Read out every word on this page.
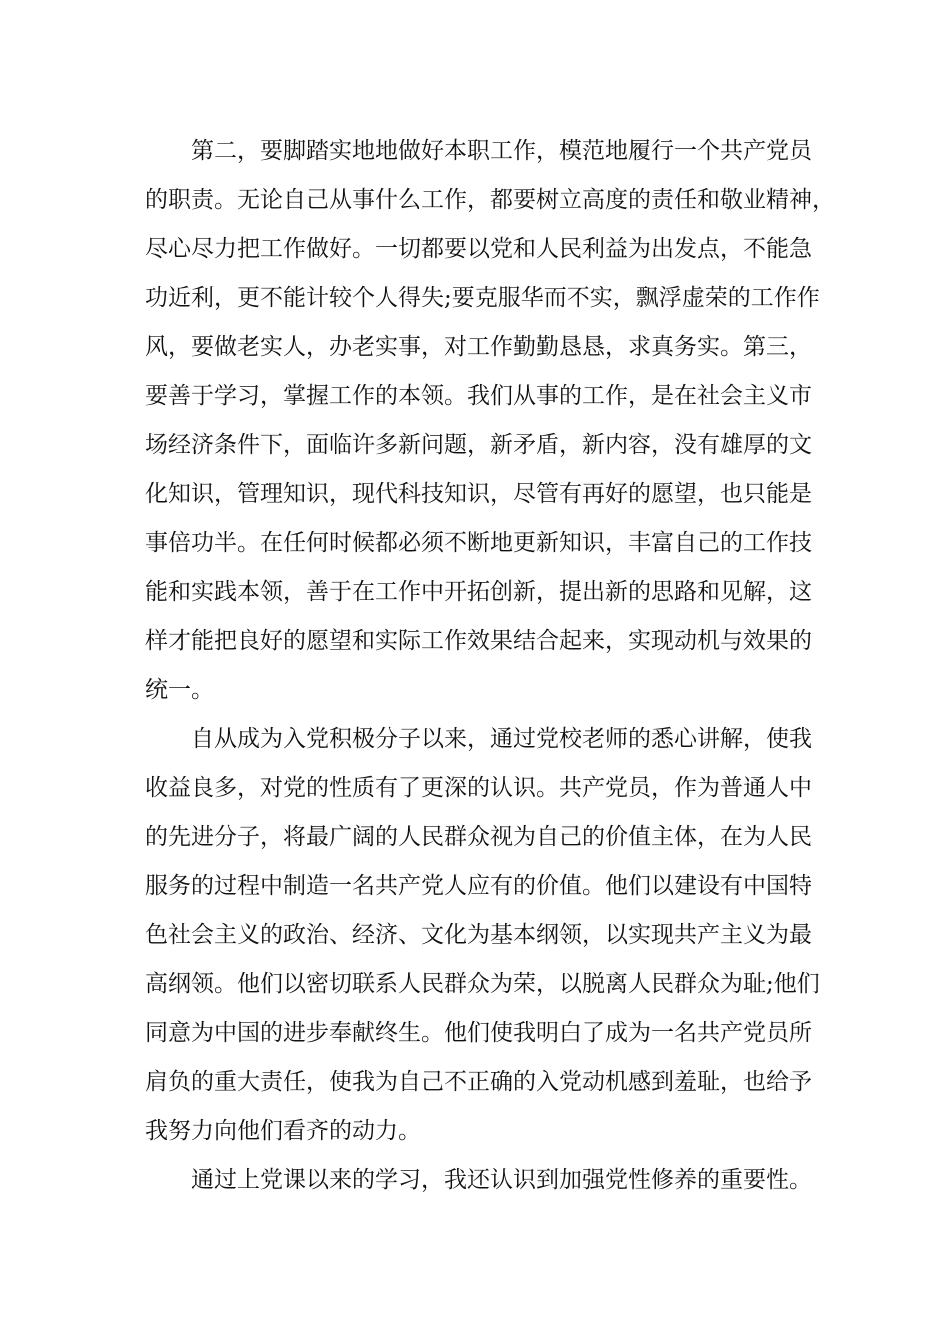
第二，要脚踏实地地做好本职工作，模范地履行一个共产党员

的职责。无论自己从事什么工作，都要树立高度的责任和敬业精神，

尽心尽力把工作做好。一切都要以党和人民利益为出发点，不能急

功近利，更不能计较个人得失;要克服华而不实，飘浮虚荣的工作作

风，要做老实人，办老实事，对工作勤勤恳恳，求真务实。第三，

要善于学习，掌握工作的本领。我们从事的工作，是在社会主义市

场经济条件下，面临许多新问题，新矛盾，新内容，没有雄厚的文

化知识，管理知识，现代科技知识，尽管有再好的愿望，也只能是

事倍功半。在任何时候都必须不断地更新知识，丰富自己的工作技

能和实践本领，善于在工作中开拓创新，提出新的思路和见解，这

样才能把良好的愿望和实际工作效果结合起来，实现动机与效果的

统一。

自从成为入党积极分子以来，通过党校老师的悉心讲解，使我

收益良多，对党的性质有了更深的认识。共产党员，作为普通人中

的先进分子，将最广阔的人民群众视为自己的价值主体，在为人民

服务的过程中制造一名共产党人应有的价值。他们以建设有中国特

色社会主义的政治、经济、文化为基本纲领，以实现共产主义为最

高纲领。他们以密切联系人民群众为荣，以脱离人民群众为耻;他们

同意为中国的进步奉献终生。他们使我明白了成为一名共产党员所

肩负的重大责任，使我为自己不正确的入党动机感到羞耻，也给予

我努力向他们看齐的动力。

通过上党课以来的学习，我还认识到加强党性修养的重要性。
